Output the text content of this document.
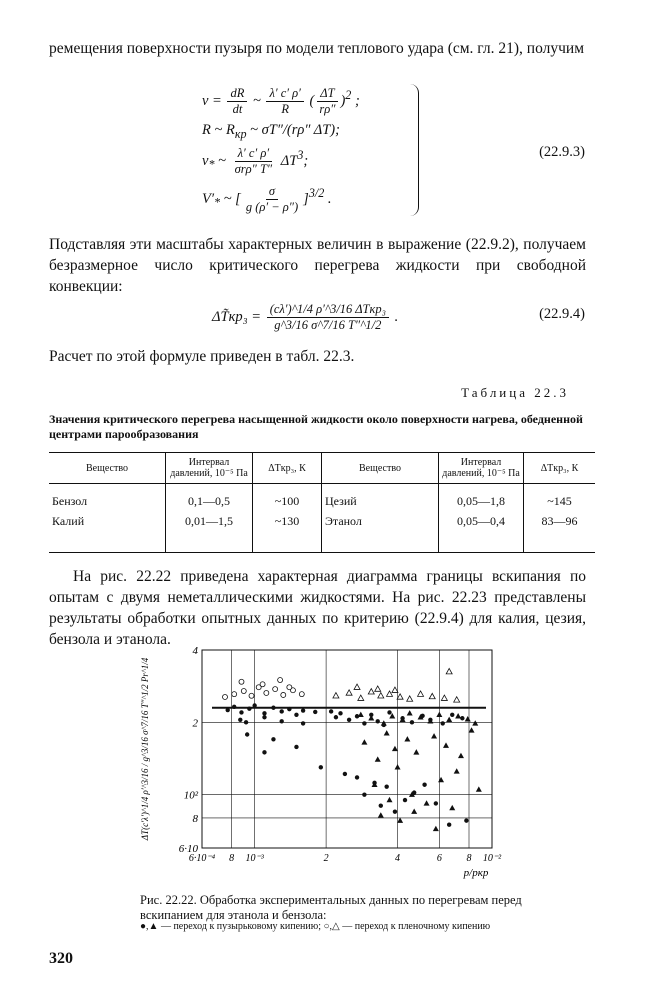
ремещения поверхности пузыря по модели теплового удара (см. гл. 21), получим

$v = \frac{dR}{dt}$ ~ $\frac{\lambda' c' \rho'}{R}$ ( $\frac{\Delta T}{r\rho''} )^2$ ;
R ~ $R_{кр}$ ~ σT″/(rρ″ ΔT);
$v_*$ ~ $\frac{\lambda' c' \rho'}{\text{σrρ″ T″}} \Delta T^3$;
$V'_*$ ~ [ $\frac{\sigma}{g (\rho' - \rho'')} ]^{3/2}$ .
(22.9.3)

Подставляя эти масштабы характерных величин в выражение (22.9.2), получаем безразмерное число критического перегрева жидкости при свободной конвекции:

ΔT̃кр₃ = $\frac{\text{(cλ′)\textasciicircum{}1/4 ρ′\textasciicircum{}3/16 ΔTкр₃}}{g\^{}3/16 \sigma\^{}7/16 T''\^{}1/2}$ .	(22.9.4)

Расчет по этой формуле приведен в табл. 22.3.

Таблица 22.3
Значения критического перегрева насыщенной жидкости около поверхности нагрева, обедненной центрами парообразования
Вещество	Интервал давлений, 10⁻⁵ Па	ΔTкр₃, К	Вещество	Интервал давлений, 10⁻⁵ Па	ΔTкр₃, К
Бензол	0,1—0,5	~100	Цезий	0,05—1,8	~145
Калий	0,01—1,5	~130	Этанол	0,05—0,4	83—96

На рис. 22.22 приведена характерная диаграмма границы вскипания по опытам с двумя неметаллическими жидкостями. На рис. 22.23 представлены результаты обработки опытных данных по критерию (22.9.4) для калия, цезия, бензола и этанола.

6·10⁻⁴ 8 10⁻³	2	4	6 8 10⁻²
4
2
10²
8
6·10
p/pкр
ΔT(c′λ′)^1/4 ρ′^3/16 / g^3/16 σ^7/16 T″^1/2 Pr^1/4
Рис. 22.22. Обработка экспериментальных данных по перегревам перед вскипанием для этанола и бензола:
●,▲ — переход к пузырьковому кипению; ○,△ — переход к пленочному кипению
320
